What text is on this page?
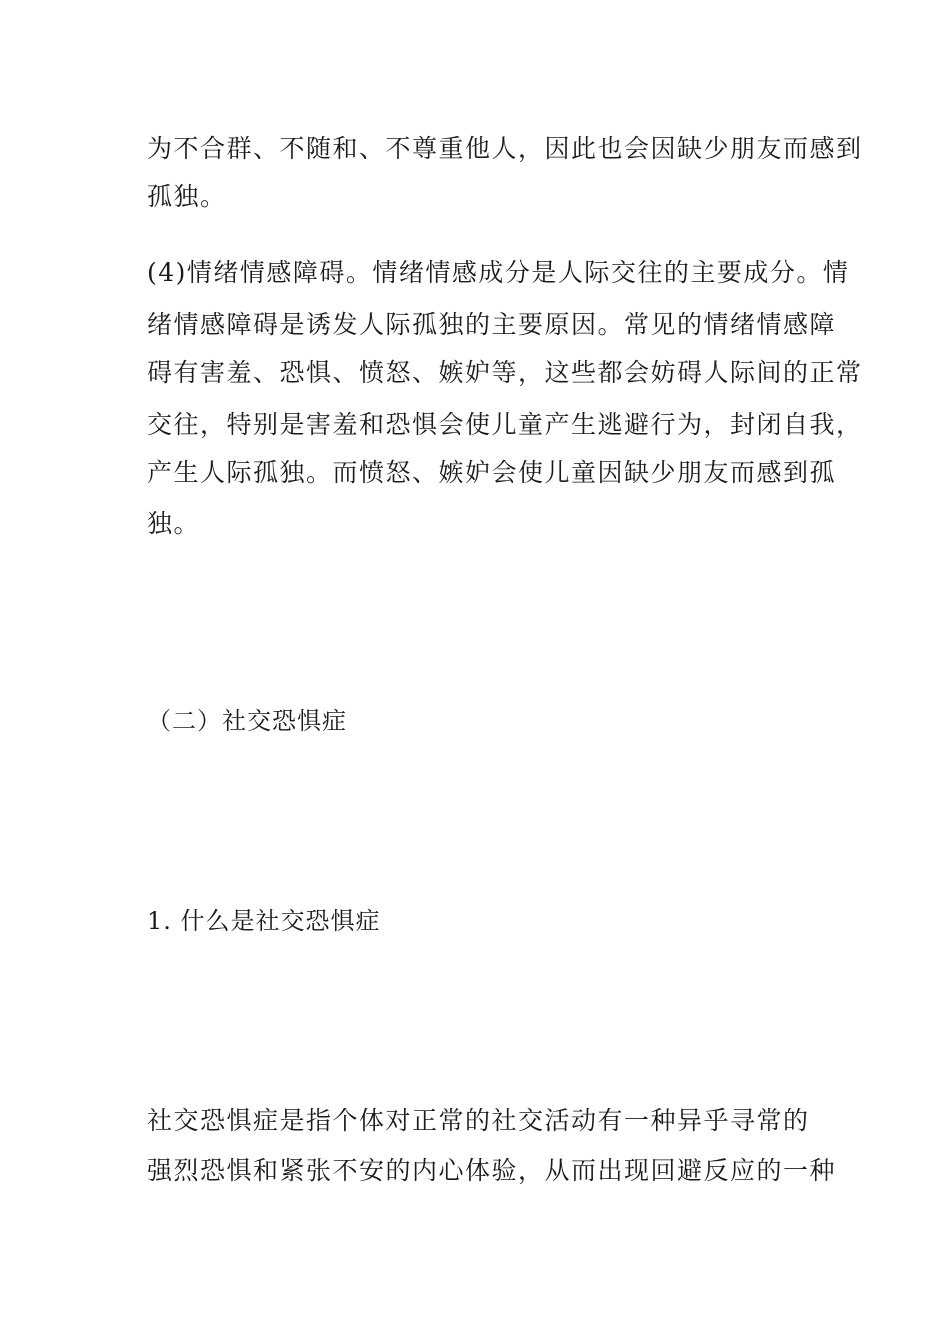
为不合群、不随和、不尊重他人，因此也会因缺少朋友而感到
孤独。
(4)情绪情感障碍。情绪情感成分是人际交往的主要成分。情
绪情感障碍是诱发人际孤独的主要原因。常见的情绪情感障
碍有害羞、恐惧、愤怒、嫉妒等，这些都会妨碍人际间的正常
交往，特别是害羞和恐惧会使儿童产生逃避行为，封闭自我，
产生人际孤独。而愤怒、嫉妒会使儿童因缺少朋友而感到孤
独。
（二）社交恐惧症
1. 什么是社交恐惧症
社交恐惧症是指个体对正常的社交活动有一种异乎寻常的
强烈恐惧和紧张不安的内心体验，从而出现回避反应的一种
